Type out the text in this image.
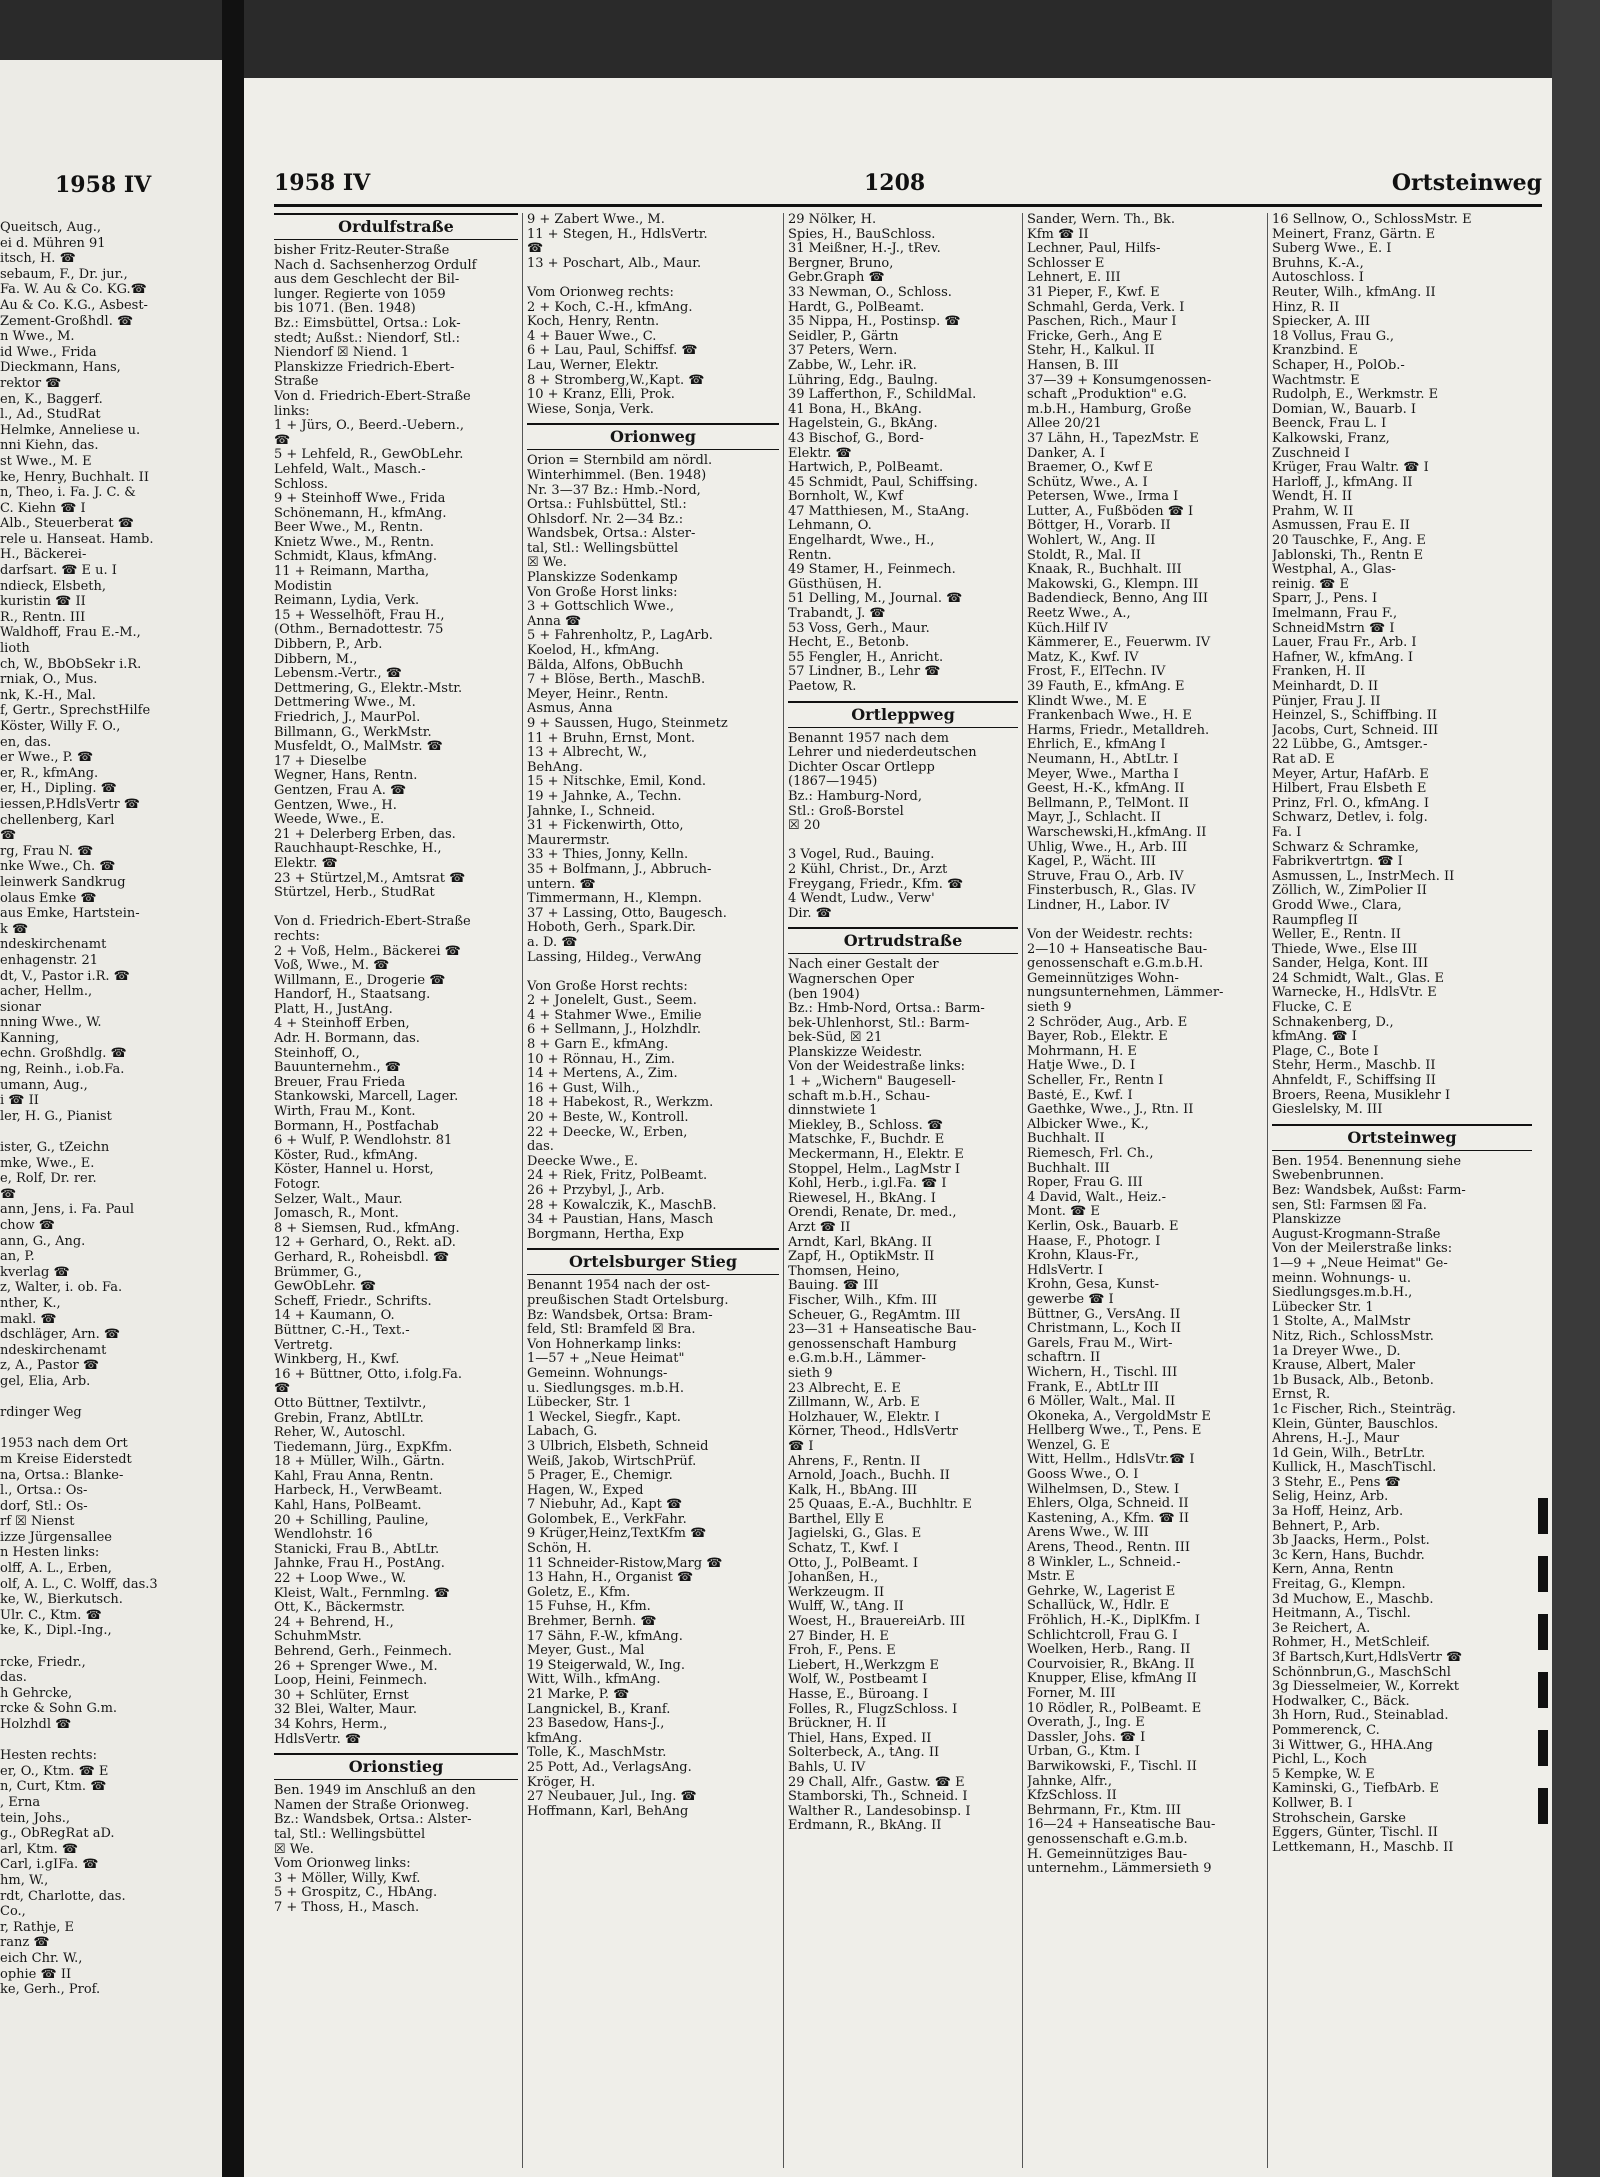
1958 IV
Queitsch, Aug.,
ei d. Mühren 91
itsch, H. ☎
sebaum, F., Dr. jur.,
Fa. W. Au & Co. KG.☎
Au & Co. K.G., Asbest-
Zement-Großhdl. ☎
n Wwe., M.
id Wwe., Frida
Dieckmann, Hans,
rektor ☎
en, K., Baggerf.
l., Ad., StudRat
Helmke, Anneliese u.
nni Kiehn, das.
st Wwe., M. E
ke, Henry, Buchhalt. II
n, Theo, i. Fa. J. C. &
C. Kiehn ☎ I
Alb., Steuerberat ☎
rele u. Hanseat. Hamb.
H., Bäckerei-
darfsart. ☎ E u. I
ndieck, Elsbeth,
kuristin ☎ II
R., Rentn. III
Waldhoff, Frau E.-M.,
lioth
ch, W., BbObSekr i.R.
rniak, O., Mus.
nk, K.-H., Mal.
f, Gertr., SprechstHilfe
Köster, Willy F. O.,
en, das.
er Wwe., P. ☎
er, R., kfmAng.
er, H., Dipling. ☎
iessen,P.HdlsVertr ☎
chellenberg, Karl
☎
rg, Frau N. ☎
nke Wwe., Ch. ☎
leinwerk Sandkrug
olaus Emke ☎
aus Emke, Hartstein-
k ☎
ndeskirchenamt
enhagenstr. 21
dt, V., Pastor i.R. ☎
acher, Hellm.,
sionar
nning Wwe., W.
Kanning,
echn. Großhdlg. ☎
ng, Reinh., i.ob.Fa.
umann, Aug.,
i ☎ II
ler, H. G., Pianist

ister, G., tZeichn
mke, Wwe., E.
e, Rolf, Dr. rer.
☎
ann, Jens, i. Fa. Paul
chow ☎
ann, G., Ang.
an, P.
kverlag ☎
z, Walter, i. ob. Fa.
nther, K.,
makl. ☎
dschläger, Arn. ☎
ndeskirchenamt
z, A., Pastor ☎
gel, Elia, Arb.

rdinger Weg

1953 nach dem Ort
m Kreise Eiderstedt
na, Ortsa.: Blanke-
l., Ortsa.: Os-
dorf, Stl.: Os-
rf ☒ Nienst
izze Jürgensallee
n Hesten links:
olff, A. L., Erben,
olf, A. L., C. Wolff, das.3
ke, W., Bierkutsch.
Ulr. C., Ktm. ☎
ke, K., Dipl.-Ing.,

rcke, Friedr.,
das.
h Gehrcke,
rcke & Sohn G.m.
Holzhdl ☎

Hesten rechts:
er, O., Ktm. ☎ E
n, Curt, Ktm. ☎
, Erna
tein, Johs.,
g., ObRegRat aD.
arl, Ktm. ☎
Carl, i.gIFa. ☎
hm, W.,
rdt, Charlotte, das.
Co.,
r, Rathje, E
ranz ☎
eich Chr. W.,
ophie ☎ II
ke, Gerh., Prof.
1958 IV	1208	Ortsteinweg
Ordulfstraße
bisher Fritz-Reuter-Straße
Nach d. Sachsenherzog Ordulf
aus dem Geschlecht der Bil-
lunger. Regierte von 1059
bis 1071. (Ben. 1948)
Bz.: Eimsbüttel, Ortsa.: Lok-
stedt; Außst.: Niendorf, Stl.:
Niendorf ☒ Niend. 1
Planskizze Friedrich-Ebert-
Straße
Von d. Friedrich-Ebert-Straße
links:
1 + Jürs, O., Beerd.-Uebern.,
☎
5 + Lehfeld, R., GewObLehr.
Lehfeld, Walt., Masch.-
Schloss.
9 + Steinhoff Wwe., Frida
Schönemann, H., kfmAng.
Beer Wwe., M., Rentn.
Knietz Wwe., M., Rentn.
Schmidt, Klaus, kfmAng.
11 + Reimann, Martha,
Modistin
Reimann, Lydia, Verk.
15 + Wesselhöft, Frau H.,
(Othm., Bernadottestr. 75
Dibbern, P., Arb.
Dibbern, M.,
Lebensm.-Vertr., ☎
Dettmering, G., Elektr.-Mstr.
Dettmering Wwe., M.
Friedrich, J., MaurPol.
Billmann, G., WerkMstr.
Musfeldt, O., MalMstr. ☎
17 + Dieselbe
Wegner, Hans, Rentn.
Gentzen, Frau A. ☎
Gentzen, Wwe., H.
Weede, Wwe., E.
21 + Delerberg Erben, das.
Rauchhaupt-Reschke, H.,
Elektr. ☎
23 + Stürtzel,M., Amtsrat ☎
Stürtzel, Herb., StudRat

Von d. Friedrich-Ebert-Straße
rechts:
2 + Voß, Helm., Bäckerei ☎
Voß, Wwe., M. ☎
Willmann, E., Drogerie ☎
Handorf, H., Staatsang.
Platt, H., JustAng.
4 + Steinhoff Erben,
Adr. H. Bormann, das.
Steinhoff, O.,
Bauunternehm., ☎
Breuer, Frau Frieda
Stankowski, Marcell, Lager.
Wirth, Frau M., Kont.
Bormann, H., Postfachab
6 + Wulf, P. Wendlohstr. 81
Köster, Rud., kfmAng.
Köster, Hannel u. Horst,
Fotogr.
Selzer, Walt., Maur.
Jomasch, R., Mont.
8 + Siemsen, Rud., kfmAng.
12 + Gerhard, O., Rekt. aD.
Gerhard, R., Roheisbdl. ☎
Brümmer, G.,
GewObLehr. ☎
Scheff, Friedr., Schrifts.
14 + Kaumann, O.
Büttner, C.-H., Text.-
Vertretg.
Winkberg, H., Kwf.
16 + Büttner, Otto, i.folg.Fa.
☎
Otto Büttner, Textilvtr.,
Grebin, Franz, AbtlLtr.
Reher, W., Autoschl.
Tiedemann, Jürg., ExpKfm.
18 + Müller, Wilh., Gärtn.
Kahl, Frau Anna, Rentn.
Harbeck, H., VerwBeamt.
Kahl, Hans, PolBeamt.
20 + Schilling, Pauline,
Wendlohstr. 16
Stanicki, Frau B., AbtLtr.
Jahnke, Frau H., PostAng.
22 + Loop Wwe., W.
Kleist, Walt., Fernmlng. ☎
Ott, K., Bäckermstr.
24 + Behrend, H.,
SchuhmMstr.
Behrend, Gerh., Feinmech.
26 + Sprenger Wwe., M.
Loop, Heini, Feinmech.
30 + Schlüter, Ernst
32 Blei, Walter, Maur.
34 Kohrs, Herm.,
HdlsVertr. ☎
Orionstieg
Ben. 1949 im Anschluß an den
Namen der Straße Orionweg.
Bz.: Wandsbek, Ortsa.: Alster-
tal, Stl.: Wellingsbüttel
☒ We.
Vom Orionweg links:
3 + Möller, Willy, Kwf.
5 + Grospitz, C., HbAng.
7 + Thoss, H., Masch.
9 + Zabert Wwe., M.
11 + Stegen, H., HdlsVertr.
☎
13 + Poschart, Alb., Maur.

Vom Orionweg rechts:
2 + Koch, C.-H., kfmAng.
Koch, Henry, Rentn.
4 + Bauer Wwe., C.
6 + Lau, Paul, Schiffsf. ☎
Lau, Werner, Elektr.
8 + Stromberg,W.,Kapt. ☎
10 + Kranz, Elli, Prok.
Wiese, Sonja, Verk.
Orionweg
Orion = Sternbild am nördl.
Winterhimmel. (Ben. 1948)
Nr. 3—37 Bz.: Hmb.-Nord,
Ortsa.: Fuhlsbüttel, Stl.:
Ohlsdorf. Nr. 2—34 Bz.:
Wandsbek, Ortsa.: Alster-
tal, Stl.: Wellingsbüttel
☒ We.
Planskizze Sodenkamp
Von Große Horst links:
3 + Gottschlich Wwe.,
Anna ☎
5 + Fahrenholtz, P., LagArb.
Koelod, H., kfmAng.
Bälda, Alfons, ObBuchh
7 + Blöse, Berth., MaschB.
Meyer, Heinr., Rentn.
Asmus, Anna
9 + Saussen, Hugo, Steinmetz
11 + Bruhn, Ernst, Mont.
13 + Albrecht, W.,
BehAng.
15 + Nitschke, Emil, Kond.
19 + Jahnke, A., Techn.
Jahnke, I., Schneid.
31 + Fickenwirth, Otto,
Maurermstr.
33 + Thies, Jonny, Kelln.
35 + Bolfmann, J., Abbruch-
untern. ☎
Timmermann, H., Klempn.
37 + Lassing, Otto, Baugesch.
Hoboth, Gerh., Spark.Dir.
a. D. ☎
Lassing, Hildeg., VerwAng

Von Große Horst rechts:
2 + Jonelelt, Gust., Seem.
4 + Stahmer Wwe., Emilie
6 + Sellmann, J., Holzhdlr.
8 + Garn E., kfmAng.
10 + Rönnau, H., Zim.
14 + Mertens, A., Zim.
16 + Gust, Wilh.,
18 + Habekost, R., Werkzm.
20 + Beste, W., Kontroll.
22 + Deecke, W., Erben,
das.
Deecke Wwe., E.
24 + Riek, Fritz, PolBeamt.
26 + Przybyl, J., Arb.
28 + Kowalczik, K., MaschB.
34 + Paustian, Hans, Masch
Borgmann, Hertha, Exp
Ortelsburger Stieg
Benannt 1954 nach der ost-
preußischen Stadt Ortelsburg.
Bz: Wandsbek, Ortsa: Bram-
feld, Stl: Bramfeld ☒ Bra.
Von Hohnerkamp links:
1—57 + „Neue Heimat"
Gemeinn. Wohnungs-
u. Siedlungsges. m.b.H.
Lübecker, Str. 1
1 Weckel, Siegfr., Kapt.
Labach, G.
3 Ulbrich, Elsbeth, Schneid
Weiß, Jakob, WirtschPrüf.
5 Prager, E., Chemigr.
Hagen, W., Exped
7 Niebuhr, Ad., Kapt ☎
Golombek, E., VerkFahr.
9 Krüger,Heinz,TextKfm ☎
Schön, H.
11 Schneider-Ristow,Marg ☎
13 Hahn, H., Organist ☎
Goletz, E., Kfm.
15 Fuhse, H., Kfm.
Brehmer, Bernh. ☎
17 Sähn, F.-W., kfmAng.
Meyer, Gust., Mal
19 Steigerwald, W., Ing.
Witt, Wilh., kfmAng.
21 Marke, P. ☎
Langnickel, B., Kranf.
23 Basedow, Hans-J.,
kfmAng.
Tolle, K., MaschMstr.
25 Pott, Ad., VerlagsAng.
Kröger, H.
27 Neubauer, Jul., Ing. ☎
Hoffmann, Karl, BehAng
29 Nölker, H.
Spies, H., BauSchloss.
31 Meißner, H.-J., tRev.
Bergner, Bruno,
Gebr.Graph ☎
33 Newman, O., Schloss.
Hardt, G., PolBeamt.
35 Nippa, H., Postinsp. ☎
Seidler, P., Gärtn
37 Peters, Wern.
Zabbe, W., Lehr. iR.
Lühring, Edg., Baulng.
39 Lafferthon, F., SchildMal.
41 Bona, H., BkAng.
Hagelstein, G., BkAng.
43 Bischof, G., Bord-
Elektr. ☎
Hartwich, P., PolBeamt.
45 Schmidt, Paul, Schiffsing.
Bornholt, W., Kwf
47 Matthiesen, M., StaAng.
Lehmann, O.
Engelhardt, Wwe., H.,
Rentn.
49 Stamer, H., Feinmech.
Güsthüsen, H.
51 Delling, M., Journal. ☎
Trabandt, J. ☎
53 Voss, Gerh., Maur.
Hecht, E., Betonb.
55 Fengler, H., Anricht.
57 Lindner, B., Lehr ☎
Paetow, R.
Ortleppweg
Benannt 1957 nach dem
Lehrer und niederdeutschen
Dichter Oscar Ortlepp
(1867—1945)
Bz.: Hamburg-Nord,
Stl.: Groß-Borstel
☒ 20

3 Vogel, Rud., Bauing.
2 Kühl, Christ., Dr., Arzt
Freygang, Friedr., Kfm. ☎
4 Wendt, Ludw., Verw'
Dir. ☎
Ortrudstraße
Nach einer Gestalt der
Wagnerschen Oper
(ben 1904)
Bz.: Hmb-Nord, Ortsa.: Barm-
bek-Uhlenhorst, Stl.: Barm-
bek-Süd, ☒ 21
Planskizze Weidestr.
Von der Weidestraße links:
1 + „Wichern" Baugesell-
schaft m.b.H., Schau-
dinnstwiete 1
Miekley, B., Schloss. ☎
Matschke, F., Buchdr. E
Meckermann, H., Elektr. E
Stoppel, Helm., LagMstr I
Kohl, Herb., i.gl.Fa. ☎ I
Riewesel, H., BkAng. I
Orendi, Renate, Dr. med.,
Arzt ☎ II
Arndt, Karl, BkAng. II
Zapf, H., OptikMstr. II
Thomsen, Heino,
Bauing. ☎ III
Fischer, Wilh., Kfm. III
Scheuer, G., RegAmtm. III
23—31 + Hanseatische Bau-
genossenschaft Hamburg
e.G.m.b.H., Lämmer-
sieth 9
23 Albrecht, E. E
Zillmann, W., Arb. E
Holzhauer, W., Elektr. I
Körner, Theod., HdlsVertr
☎ I
Ahrens, F., Rentn. II
Arnold, Joach., Buchh. II
Kalk, H., BbAng. III
25 Quaas, E.-A., Buchhltr. E
Barthel, Elly E
Jagielski, G., Glas. E
Schatz, T., Kwf. I
Otto, J., PolBeamt. I
Johanßen, H.,
Werkzeugm. II
Wulff, W., tAng. II
Woest, H., BrauereiArb. III
27 Binder, H. E
Froh, F., Pens. E
Liebert, H.,Werkzgm E
Wolf, W., Postbeamt I
Hasse, E., Büroang. I
Folles, R., FlugzSchloss. I
Brückner, H. II
Thiel, Hans, Exped. II
Solterbeck, A., tAng. II
Bahls, U. IV
29 Chall, Alfr., Gastw. ☎ E
Stamborski, Th., Schneid. I
Walther R., Landesobinsp. I
Erdmann, R., BkAng. II
Sander, Wern. Th., Bk.
Kfm ☎ II
Lechner, Paul, Hilfs-
Schlosser E
Lehnert, E. III
31 Pieper, F., Kwf. E
Schmahl, Gerda, Verk. I
Paschen, Rich., Maur I
Fricke, Gerh., Ang E
Stehr, H., Kalkul. II
Hansen, B. III
37—39 + Konsumgenossen-
schaft „Produktion" e.G.
m.b.H., Hamburg, Große
Allee 20/21
37 Lähn, H., TapezMstr. E
Danker, A. I
Braemer, O., Kwf E
Schütz, Wwe., A. I
Petersen, Wwe., Irma I
Lutter, A., Fußböden ☎ I
Böttger, H., Vorarb. II
Wohlert, W., Ang. II
Stoldt, R., Mal. II
Knaak, R., Buchhalt. III
Makowski, G., Klempn. III
Badendieck, Benno, Ang III
Reetz Wwe., A.,
Küch.Hilf IV
Kämmerer, E., Feuerwm. IV
Matz, K., Kwf. IV
Frost, F., ElTechn. IV
39 Fauth, E., kfmAng. E
Klindt Wwe., M. E
Frankenbach Wwe., H. E
Harms, Friedr., Metalldreh.
Ehrlich, E., kfmAng I
Neumann, H., AbtLtr. I
Meyer, Wwe., Martha I
Geest, H.-K., kfmAng. II
Bellmann, P., TelMont. II
Mayr, J., Schlacht. II
Warschewski,H.,kfmAng. II
Uhlig, Wwe., H., Arb. III
Kagel, P., Wächt. III
Struve, Frau O., Arb. IV
Finsterbusch, R., Glas. IV
Lindner, H., Labor. IV

Von der Weidestr. rechts:
2—10 + Hanseatische Bau-
genossenschaft e.G.m.b.H.
Gemeinnütziges Wohn-
nungsunternehmen, Lämmer-
sieth 9
2 Schröder, Aug., Arb. E
Bayer, Rob., Elektr. E
Mohrmann, H. E
Hatje Wwe., D. I
Scheller, Fr., Rentn I
Basté, E., Kwf. I
Gaethke, Wwe., J., Rtn. II
Albicker Wwe., K.,
Buchhalt. II
Riemesch, Frl. Ch.,
Buchhalt. III
Roper, Frau G. III
4 David, Walt., Heiz.-
Mont. ☎ E
Kerlin, Osk., Bauarb. E
Haase, F., Photogr. I
Krohn, Klaus-Fr.,
HdlsVertr. I
Krohn, Gesa, Kunst-
gewerbe ☎ I
Büttner, G., VersAng. II
Christmann, L., Koch II
Garels, Frau M., Wirt-
schaftrn. II
Wichern, H., Tischl. III
Frank, E., AbtLtr III
6 Möller, Walt., Mal. II
Okoneka, A., VergoldMstr E
Hellberg Wwe., T., Pens. E
Wenzel, G. E
Witt, Hellm., HdlsVtr.☎ I
Gooss Wwe., O. I
Wilhelmsen, D., Stew. I
Ehlers, Olga, Schneid. II
Kastening, A., Kfm. ☎ II
Arens Wwe., W. III
Arens, Theod., Rentn. III
8 Winkler, L., Schneid.-
Mstr. E
Gehrke, W., Lagerist E
Schallück, W., Hdlr. E
Fröhlich, H.-K., DiplKfm. I
Schlichtcroll, Frau G. I
Woelken, Herb., Rang. II
Courvoisier, R., BkAng. II
Knupper, Elise, kfmAng II
Forner, M. III
10 Rödler, R., PolBeamt. E
Overath, J., Ing. E
Dassler, Johs. ☎ I
Urban, G., Ktm. I
Barwikowski, F., Tischl. II
Jahnke, Alfr.,
KfzSchloss. II
Behrmann, Fr., Ktm. III
16—24 + Hanseatische Bau-
genossenschaft e.G.m.b.
H. Gemeinnütziges Bau-
unternehm., Lämmersieth 9
16 Sellnow, O., SchlossMstr. E
Meinert, Franz, Gärtn. E
Suberg Wwe., E. I
Bruhns, K.-A.,
Autoschloss. I
Reuter, Wilh., kfmAng. II
Hinz, R. II
Spiecker, A. III
18 Vollus, Frau G.,
Kranzbind. E
Schaper, H., PolOb.-
Wachtmstr. E
Rudolph, E., Werkmstr. E
Domian, W., Bauarb. I
Beenck, Frau L. I
Kalkowski, Franz,
Zuschneid I
Krüger, Frau Waltr. ☎ I
Harloff, J., kfmAng. II
Wendt, H. II
Prahm, W. II
Asmussen, Frau E. II
20 Tauschke, F., Ang. E
Jablonski, Th., Rentn E
Westphal, A., Glas-
reinig. ☎ E
Sparr, J., Pens. I
Imelmann, Frau F.,
SchneidMstrn ☎ I
Lauer, Frau Fr., Arb. I
Hafner, W., kfmAng. I
Franken, H. II
Meinhardt, D. II
Pünjer, Frau J. II
Heinzel, S., Schiffbing. II
Jacobs, Curt, Schneid. III
22 Lübbe, G., Amtsger.-
Rat aD. E
Meyer, Artur, HafArb. E
Hilbert, Frau Elsbeth E
Prinz, Frl. O., kfmAng. I
Schwarz, Detlev, i. folg.
Fa. I
Schwarz & Schramke,
Fabrikvertrtgn. ☎ I
Asmussen, L., InstrMech. II
Zöllich, W., ZimPolier II
Grodd Wwe., Clara,
Raumpfleg II
Weller, E., Rentn. II
Thiede, Wwe., Else III
Sander, Helga, Kont. III
24 Schmidt, Walt., Glas. E
Warnecke, H., HdlsVtr. E
Flucke, C. E
Schnakenberg, D.,
kfmAng. ☎ I
Plage, C., Bote I
Stehr, Herm., Maschb. II
Ahnfeldt, F., Schiffsing II
Broers, Reena, Musiklehr I
Gieslelsky, M. III
Ortsteinweg
Ben. 1954. Benennung siehe
Swebenbrunnen.
Bez: Wandsbek, Außst: Farm-
sen, Stl: Farmsen ☒ Fa.
Planskizze
August-Krogmann-Straße
Von der Meilerstraße links:
1—9 + „Neue Heimat" Ge-
meinn. Wohnungs- u.
Siedlungsges.m.b.H.,
Lübecker Str. 1
1 Stolte, A., MalMstr
Nitz, Rich., SchlossMstr.
1a Dreyer Wwe., D.
Krause, Albert, Maler
1b Busack, Alb., Betonb.
Ernst, R.
1c Fischer, Rich., Steinträg.
Klein, Günter, Bauschlos.
Ahrens, H.-J., Maur
1d Gein, Wilh., BetrLtr.
Kullick, H., MaschTischl.
3 Stehr, E., Pens ☎
Selig, Heinz, Arb.
3a Hoff, Heinz, Arb.
Behnert, P., Arb.
3b Jaacks, Herm., Polst.
3c Kern, Hans, Buchdr.
Kern, Anna, Rentn
Freitag, G., Klempn.
3d Muchow, E., Maschb.
Heitmann, A., Tischl.
3e Reichert, A.
Rohmer, H., MetSchleif.
3f Bartsch,Kurt,HdlsVertr ☎
Schönnbrun,G., MaschSchl
3g Diesselmeier, W., Korrekt
Hodwalker, C., Bäck.
3h Horn, Rud., Steinablad.
Pommerenck, C.
3i Wittwer, G., HHA.Ang
Pichl, L., Koch
5 Kempke, W. E
Kaminski, G., TiefbArb. E
Kollwer, B. I
Strohschein, Garske
Eggers, Günter, Tischl. II
Lettkemann, H., Maschb. II
